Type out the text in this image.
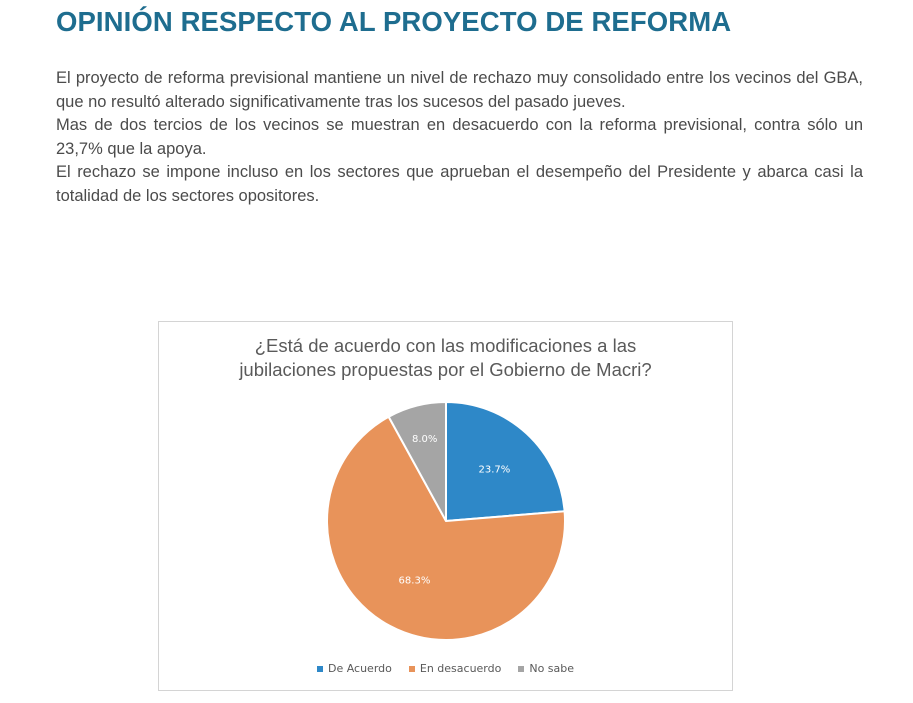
OPINIÓN RESPECTO AL PROYECTO DE REFORMA

El proyecto de reforma previsional mantiene un nivel de rechazo muy consolidado entre los vecinos del GBA, que no resultó alterado significativamente tras los sucesos del pasado jueves.

Mas de dos tercios de los vecinos se muestran en desacuerdo con la reforma previsional, contra sólo un 23,7% que la apoya.

El rechazo se impone incluso en los sectores que aprueban el desempeño del Presidente y abarca casi la totalidad de los sectores opositores.

¿Está de acuerdo con las modificaciones a las
jubilaciones propuestas por el Gobierno de Macri?
23.7%
68.3%
8.0%
De Acuerdo	En desacuerdo	No sabe
